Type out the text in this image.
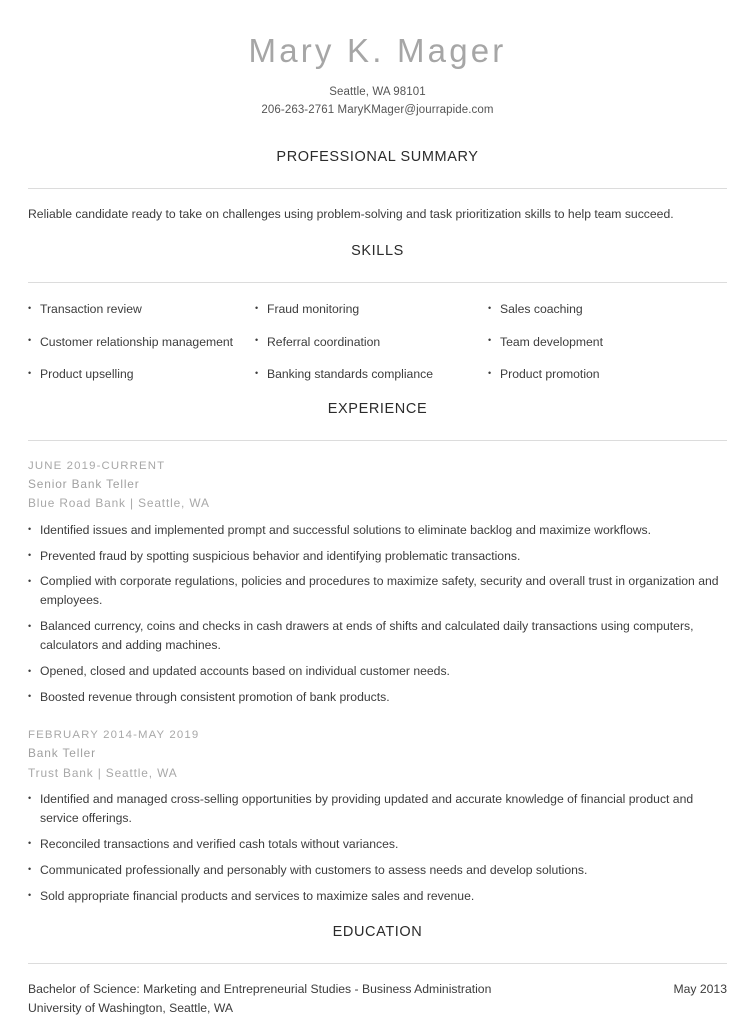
Mary K. Mager
Seattle, WA 98101
206-263-2761 MaryKMager@jourrapide.com
PROFESSIONAL SUMMARY
Reliable candidate ready to take on challenges using problem-solving and task prioritization skills to help team succeed.
SKILLS
• Transaction review
• Customer relationship management
• Product upselling
• Fraud monitoring
• Referral coordination
• Banking standards compliance
• Sales coaching
• Team development
• Product promotion
EXPERIENCE
JUNE 2019-CURRENT
Senior Bank Teller
Blue Road Bank | Seattle, WA
• Identified issues and implemented prompt and successful solutions to eliminate backlog and maximize workflows.
• Prevented fraud by spotting suspicious behavior and identifying problematic transactions.
• Complied with corporate regulations, policies and procedures to maximize safety, security and overall trust in organization and employees.
• Balanced currency, coins and checks in cash drawers at ends of shifts and calculated daily transactions using computers, calculators and adding machines.
• Opened, closed and updated accounts based on individual customer needs.
• Boosted revenue through consistent promotion of bank products.
FEBRUARY 2014-MAY 2019
Bank Teller
Trust Bank | Seattle, WA
• Identified and managed cross-selling opportunities by providing updated and accurate knowledge of financial product and service offerings.
• Reconciled transactions and verified cash totals without variances.
• Communicated professionally and personably with customers to assess needs and develop solutions.
• Sold appropriate financial products and services to maximize sales and revenue.
EDUCATION
Bachelor of Science: Marketing and Entrepreneurial Studies - Business Administration
University of Washington, Seattle, WA
May 2013
